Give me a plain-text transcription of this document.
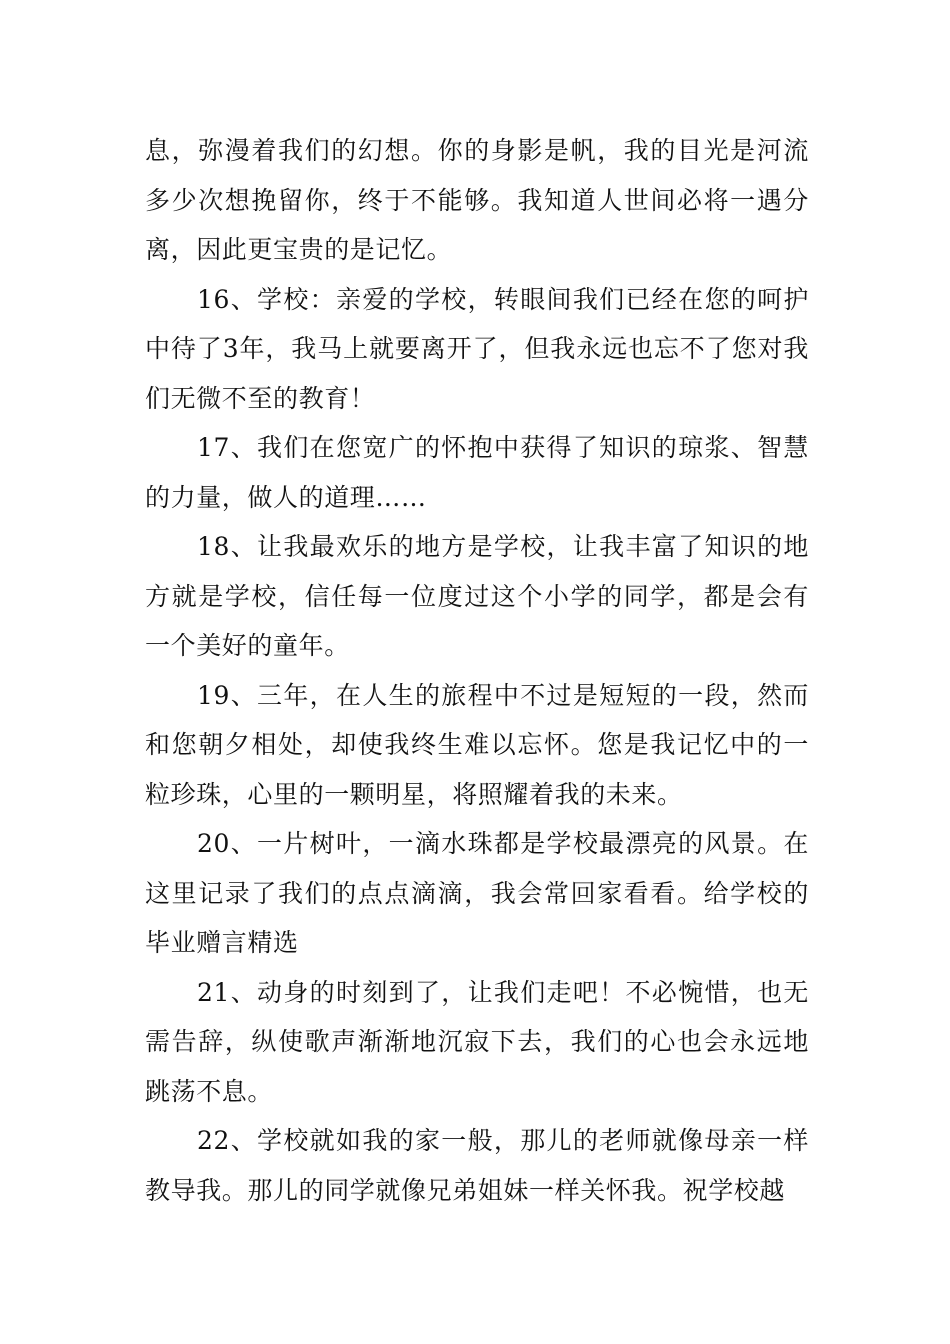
息，弥漫着我们的幻想。你的身影是帆，我的目光是河流多少次想挽留你，终于不能够。我知道人世间必将一遇分离，因此更宝贵的是记忆。

16、学校：亲爱的学校，转眼间我们已经在您的呵护中待了3年，我马上就要离开了，但我永远也忘不了您对我们无微不至的教育！

17、我们在您宽广的怀抱中获得了知识的琼浆、智慧的力量，做人的道理……

18、让我最欢乐的地方是学校，让我丰富了知识的地方就是学校，信任每一位度过这个小学的同学，都是会有一个美好的童年。

19、三年，在人生的旅程中不过是短短的一段，然而和您朝夕相处，却使我终生难以忘怀。您是我记忆中的一粒珍珠，心里的一颗明星，将照耀着我的未来。

20、一片树叶，一滴水珠都是学校最漂亮的风景。在这里记录了我们的点点滴滴，我会常回家看看。给学校的毕业赠言精选

21、动身的时刻到了，让我们走吧！不必惋惜，也无需告辞，纵使歌声渐渐地沉寂下去，我们的心也会永远地跳荡不息。

22、学校就如我的家一般，那儿的老师就像母亲一样教导我。那儿的同学就像兄弟姐妹一样关怀我。祝学校越
